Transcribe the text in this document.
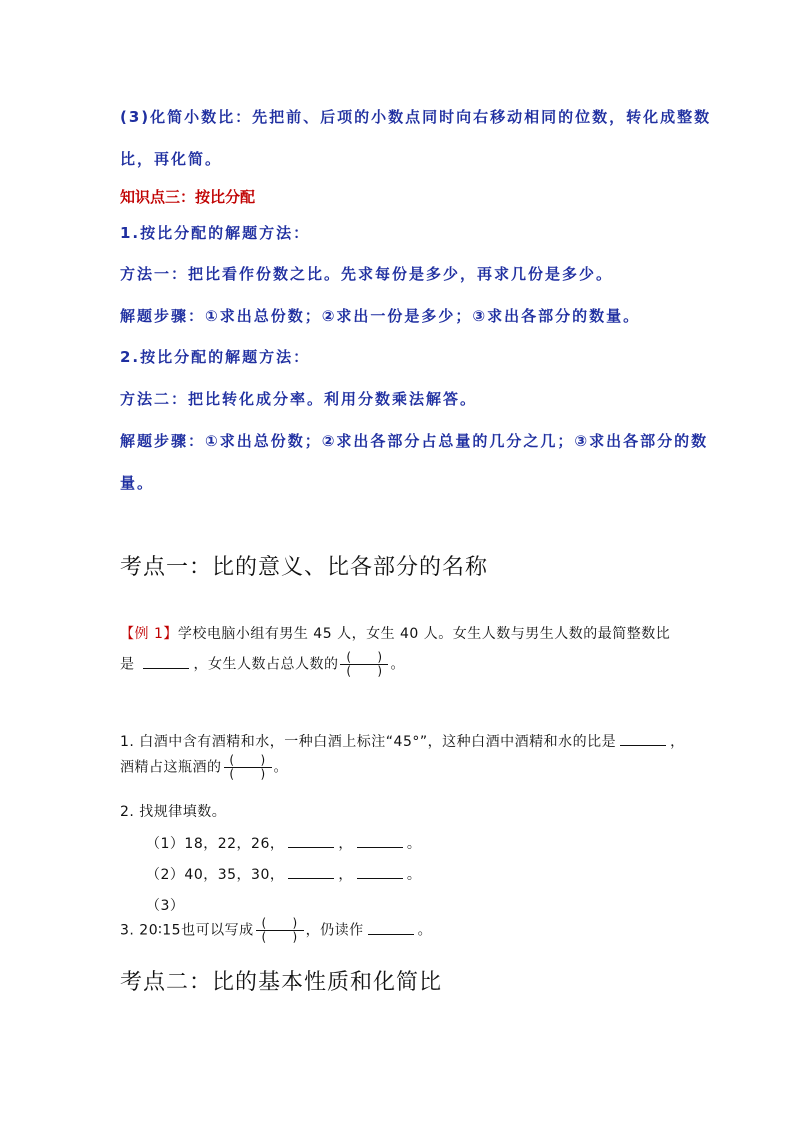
(3)化简小数比：先把前、后项的小数点同时向右移动相同的位数，转化成整数
比，再化简。
知识点三：按比分配
1.按比分配的解题方法：
方法一：把比看作份数之比。先求每份是多少，再求几份是多少。
解题步骤：①求出总份数；②求出一份是多少；③求出各部分的数量。
2.按比分配的解题方法：
方法二：把比转化成分率。利用分数乘法解答。
解题步骤：①求出总份数；②求出各部分占总量的几分之几；③求出各部分的数
量。
考点一：比的意义、比各部分的名称
【例 1】学校电脑小组有男生 45 人，女生 40 人。女生人数与男生人数的最简整数比
是	，女生人数占总人数的 $\frac{( )}{( )}$ 。
1. 白酒中含有酒精和水，一种白酒上标注“45°”，这种白酒中酒精和水的比是	，
酒精占这瓶酒的 $\frac{( )}{( )}$ 。
2. 找规律填数。
（1）18，22，26，	，	。
（2）40，35，30，	，	。
（3）
3. 20∶15也可以写成 $\frac{( )}{( )}$ ，仍读作	。
考点二：比的基本性质和化简比
